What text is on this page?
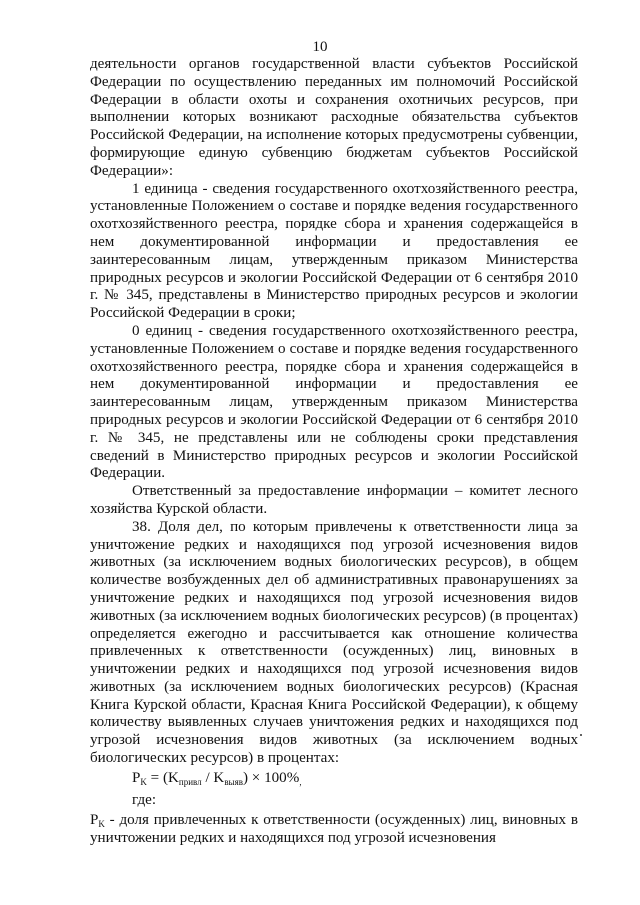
10

деятельности органов государственной власти субъектов Российской Федерации по осуществлению переданных им полномочий Российской Федерации в области охоты и сохранения охотничьих ресурсов, при выполнении которых возникают расходные обязательства субъектов Российской Федерации, на исполнение которых предусмотрены субвенции, формирующие единую субвенцию бюджетам субъектов Российской Федерации»:

1 единица - сведения государственного охотхозяйственного реестра, установленные Положением о составе и порядке ведения государственного охотхозяйственного реестра, порядке сбора и хранения содержащейся в нем документированной информации и предоставления ее заинтересованным лицам, утвержденным приказом Министерства природных ресурсов и экологии Российской Федерации от 6 сентября 2010 г. № 345, представлены в Министерство природных ресурсов и экологии Российской Федерации в сроки;

0 единиц - сведения государственного охотхозяйственного реестра, установленные Положением о составе и порядке ведения государственного охотхозяйственного реестра, порядке сбора и хранения содержащейся в нем документированной информации и предоставления ее заинтересованным лицам, утвержденным приказом Министерства природных ресурсов и экологии Российской Федерации от 6 сентября 2010 г. № 345, не представлены или не соблюдены сроки представления сведений в Министерство природных ресурсов и экологии Российской Федерации.

Ответственный за предоставление информации – комитет лесного хозяйства Курской области.

38. Доля дел, по которым привлечены к ответственности лица за уничтожение редких и находящихся под угрозой исчезновения видов животных (за исключением водных биологических ресурсов), в общем количестве возбужденных дел об административных правонарушениях за уничтожение редких и находящихся под угрозой исчезновения видов животных (за исключением водных биологических ресурсов) (в процентах) определяется ежегодно и рассчитывается как отношение количества привлеченных к ответственности (осужденных) лиц, виновных в уничтожении редких и находящихся под угрозой исчезновения видов животных (за исключением водных биологических ресурсов) (Красная Книга Курской области, Красная Книга Российской Федерации), к общему количеству выявленных случаев уничтожения редких и находящихся под угрозой исчезновения видов животных (за исключением водных биологических ресурсов) в процентах:

$P_K = (K_{привл} / K_{выяв}) \times 100\%_,$
где:

$P_K$ - доля привлеченных к ответственности (осужденных) лиц, виновных в уничтожении редких и находящихся под угрозой исчезновения
